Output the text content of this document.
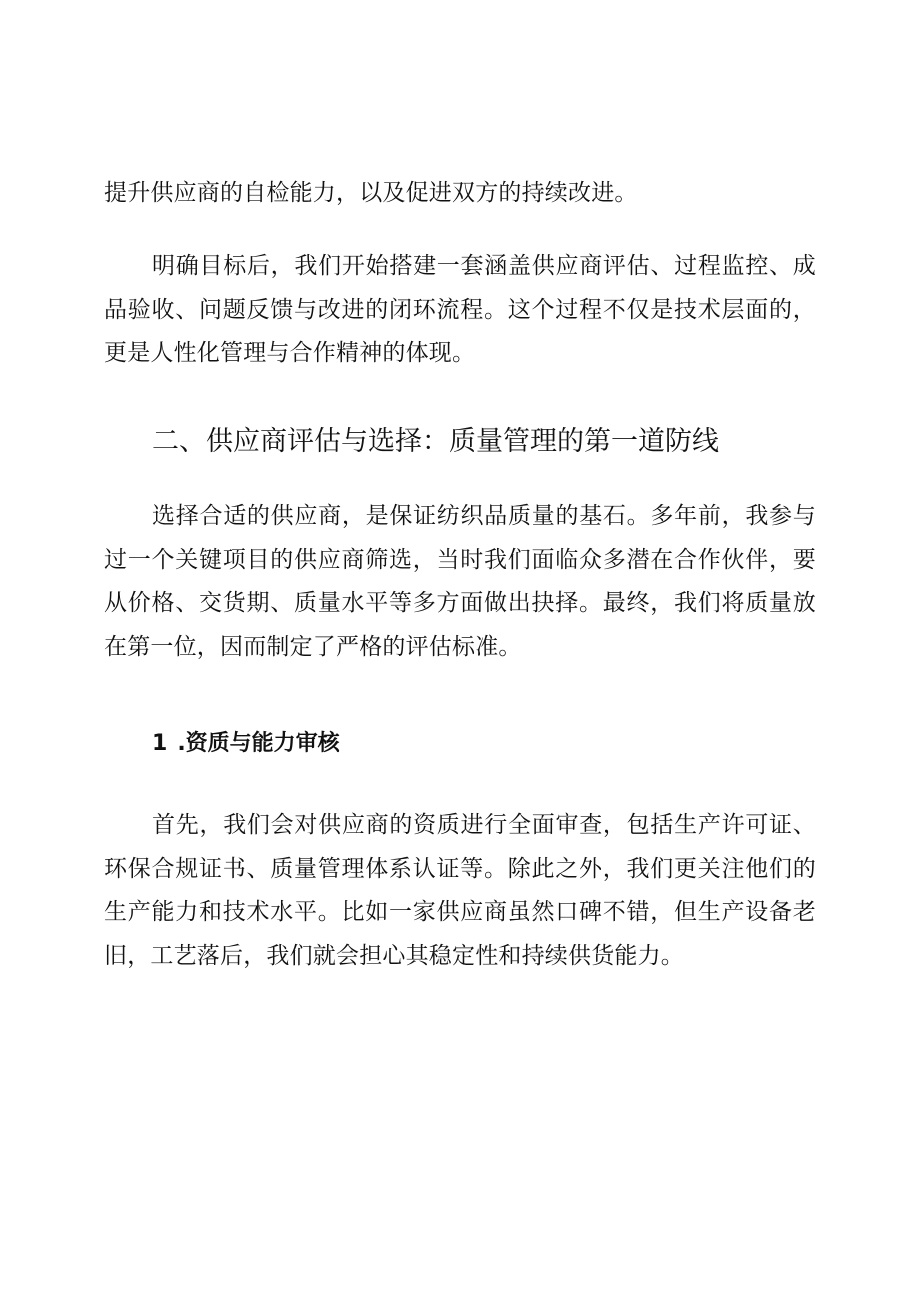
提升供应商的自检能力，以及促进双方的持续改进。

明确目标后，我们开始搭建一套涵盖供应商评估、过程监控、成品验收、问题反馈与改进的闭环流程。这个过程不仅是技术层面的，更是人性化管理与合作精神的体现。

二、供应商评估与选择：质量管理的第一道防线

选择合适的供应商，是保证纺织品质量的基石。多年前，我参与过一个关键项目的供应商筛选，当时我们面临众多潜在合作伙伴，要从价格、交货期、质量水平等多方面做出抉择。最终，我们将质量放在第一位，因而制定了严格的评估标准。

1 .资质与能力审核

首先，我们会对供应商的资质进行全面审查，包括生产许可证、环保合规证书、质量管理体系认证等。除此之外，我们更关注他们的生产能力和技术水平。比如一家供应商虽然口碑不错，但生产设备老旧，工艺落后，我们就会担心其稳定性和持续供货能力。
